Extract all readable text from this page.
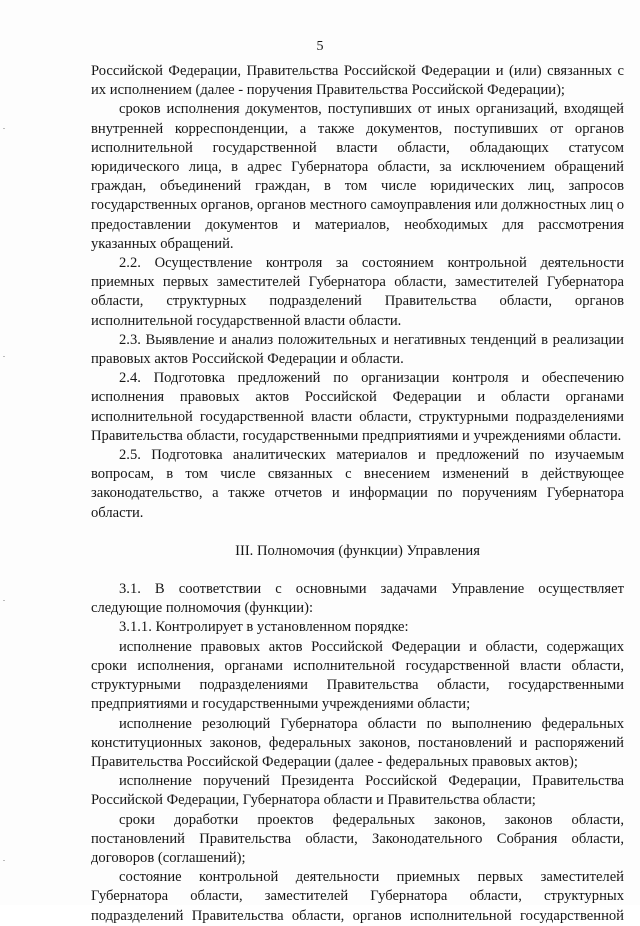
5

Российской Федерации, Правительства Российской Федерации и (или) связанных с их исполнением (далее - поручения Правительства Российской Федерации);

сроков исполнения документов, поступивших от иных организаций, входящей внутренней корреспонденции, а также документов, поступивших от органов исполнительной государственной власти области, обладающих статусом юридического лица, в адрес Губернатора области, за исключением обращений граждан, объединений граждан, в том числе юридических лиц, запросов государственных органов, органов местного самоуправления или должностных лиц о предоставлении документов и материалов, необходимых для рассмотрения указанных обращений.

2.2. Осуществление контроля за состоянием контрольной деятельности приемных первых заместителей Губернатора области, заместителей Губернатора области, структурных подразделений Правительства области, органов исполнительной государственной власти области.

2.3. Выявление и анализ положительных и негативных тенденций в реализации правовых актов Российской Федерации и области.

2.4. Подготовка предложений по организации контроля и обеспечению исполнения правовых актов Российской Федерации и области органами исполнительной государственной власти области, структурными подразделениями Правительства области, государственными предприятиями и учреждениями области.

2.5. Подготовка аналитических материалов и предложений по изучаемым вопросам, в том числе связанных с внесением изменений в действующее законодательство, а также отчетов и информации по поручениям Губернатора области.

III. Полномочия (функции) Управления

3.1. В соответствии с основными задачами Управление осуществляет следующие полномочия (функции):

3.1.1. Контролирует в установленном порядке:

исполнение правовых актов Российской Федерации и области, содержащих сроки исполнения, органами исполнительной государственной власти области, структурными подразделениями Правительства области, государственными предприятиями и государственными учреждениями области;

исполнение резолюций Губернатора области по выполнению федеральных конституционных законов, федеральных законов, постановлений и распоряжений Правительства Российской Федерации (далее - федеральных правовых актов);

исполнение поручений Президента Российской Федерации, Правительства Российской Федерации, Губернатора области и Правительства области;

сроки доработки проектов федеральных законов, законов области, постановлений Правительства области, Законодательного Собрания области, договоров (соглашений);

состояние контрольной деятельности приемных первых заместителей Губернатора области, заместителей Губернатора области, структурных подразделений Правительства области, органов исполнительной государственной
